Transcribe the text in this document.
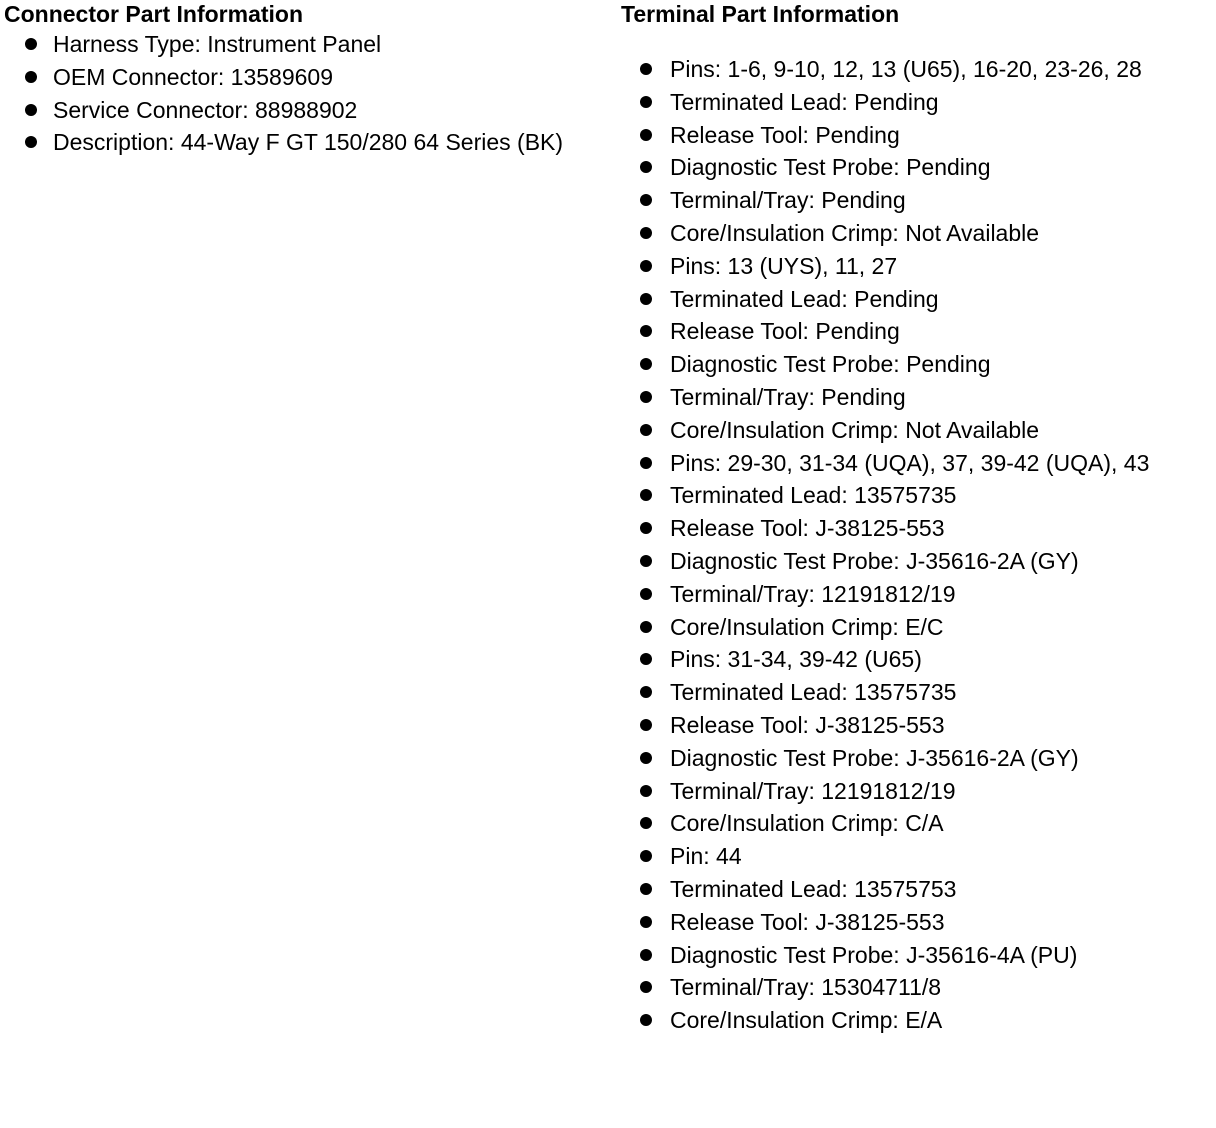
Connector Part Information
Harness Type: Instrument Panel
OEM Connector: 13589609
Service Connector: 88988902
Description: 44-Way F GT 150/280 64 Series (BK)
Terminal Part Information
Pins: 1-6, 9-10, 12, 13 (U65), 16-20, 23-26, 28
Terminated Lead: Pending
Release Tool: Pending
Diagnostic Test Probe: Pending
Terminal/Tray: Pending
Core/Insulation Crimp: Not Available
Pins: 13 (UYS), 11, 27
Terminated Lead: Pending
Release Tool: Pending
Diagnostic Test Probe: Pending
Terminal/Tray: Pending
Core/Insulation Crimp: Not Available
Pins: 29-30, 31-34 (UQA), 37, 39-42 (UQA), 43
Terminated Lead: 13575735
Release Tool: J-38125-553
Diagnostic Test Probe: J-35616-2A (GY)
Terminal/Tray: 12191812/19
Core/Insulation Crimp: E/C
Pins: 31-34, 39-42 (U65)
Terminated Lead: 13575735
Release Tool: J-38125-553
Diagnostic Test Probe: J-35616-2A (GY)
Terminal/Tray: 12191812/19
Core/Insulation Crimp: C/A
Pin: 44
Terminated Lead: 13575753
Release Tool: J-38125-553
Diagnostic Test Probe: J-35616-4A (PU)
Terminal/Tray: 15304711/8
Core/Insulation Crimp: E/A
